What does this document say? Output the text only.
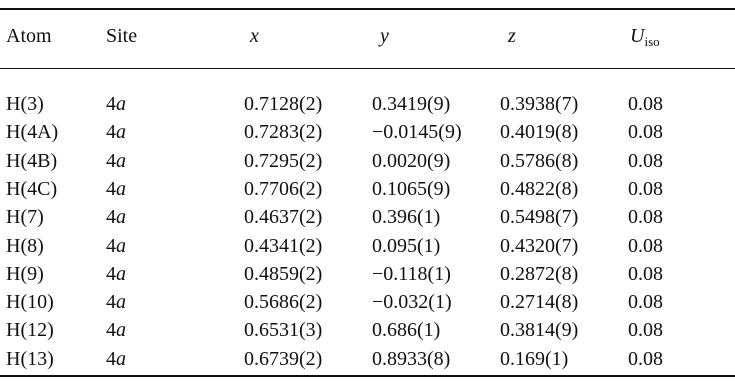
Atom	Site	x	y	z	$U_{iso}$
H(3)	4a	0.7128(2) 0.3419(9) 0.3938(7) 0.08
H(4A) 4a	0.7283(2) −0.0145(9) 0.4019(8) 0.08
H(4B) 4a	0.7295(2) 0.0020(9) 0.5786(8) 0.08
H(4C) 4a	0.7706(2) 0.1065(9) 0.4822(8) 0.08
H(7)	4a	0.4637(2) 0.396(1)	0.5498(7) 0.08
H(8)	4a	0.4341(2) 0.095(1)	0.4320(7) 0.08
H(9)	4a	0.4859(2) −0.118(1) 0.2872(8) 0.08
H(10)	4a	0.5686(2) −0.032(1) 0.2714(8) 0.08
H(12)	4a	0.6531(3) 0.686(1)	0.3814(9) 0.08
H(13)	4a	0.6739(2) 0.8933(8) 0.169(1)	0.08
